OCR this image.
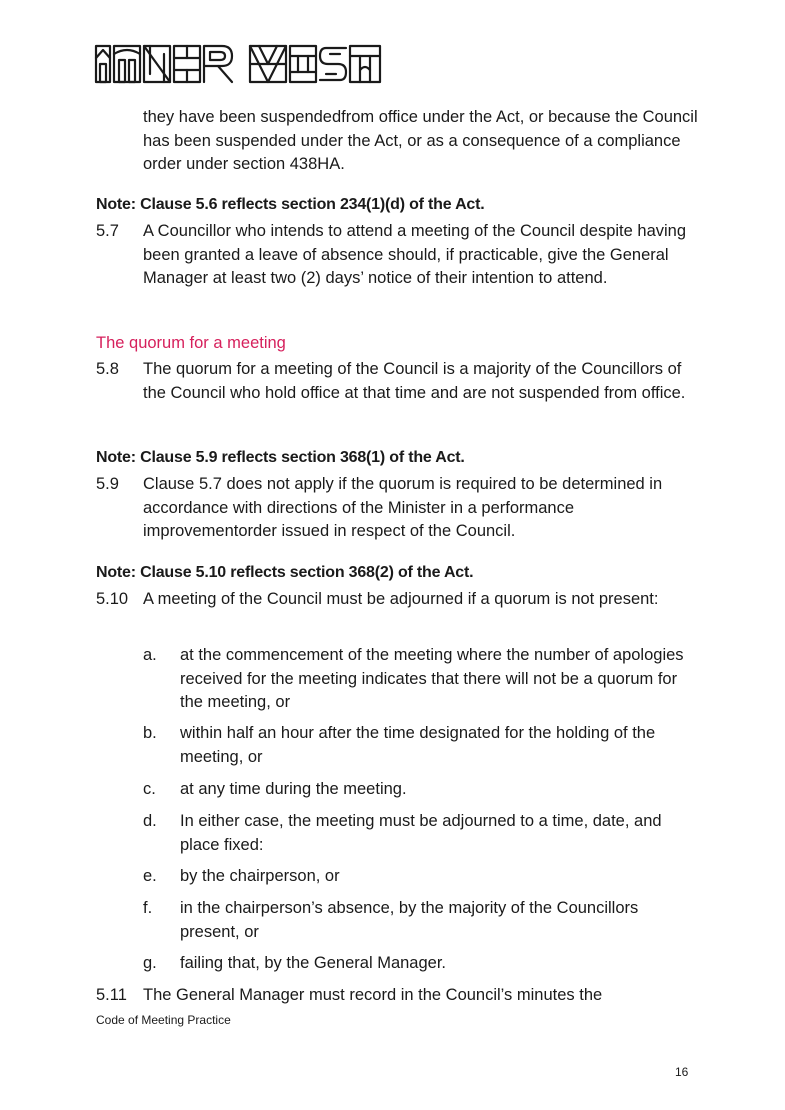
they have been suspendedfrom office under the Act, or because the Council has been suspended under the Act, or as a consequence of a compliance order under section 438HA.
Note: Clause 5.6 reflects section 234(1)(d) of the Act.
5.7 A Councillor who intends to attend a meeting of the Council despite having been granted a leave of absence should, if practicable, give the General Manager at least two (2) days’ notice of their intention to attend.
The quorum for a meeting
5.8 The quorum for a meeting of the Council is a majority of the Councillors of the Council who hold office at that time and are not suspended from office.
Note: Clause 5.9 reflects section 368(1) of the Act.
5.9 Clause 5.7 does not apply if the quorum is required to be determined in accordance with directions of the Minister in a performance improvementorder issued in respect of the Council.
Note: Clause 5.10 reflects section 368(2) of the Act.
5.10 A meeting of the Council must be adjourned if a quorum is not present:
a. at the commencement of the meeting where the number of apologies received for the meeting indicates that there will not be a quorum for the meeting, or
b. within half an hour after the time designated for the holding of the meeting, or
c. at any time during the meeting.
d. In either case, the meeting must be adjourned to a time, date, and place fixed:
e. by the chairperson, or
f. in the chairperson’s absence, by the majority of the Councillors present, or
g. failing that, by the General Manager.
5.11 The General Manager must record in the Council’s minutes the
Code of Meeting Practice
16
